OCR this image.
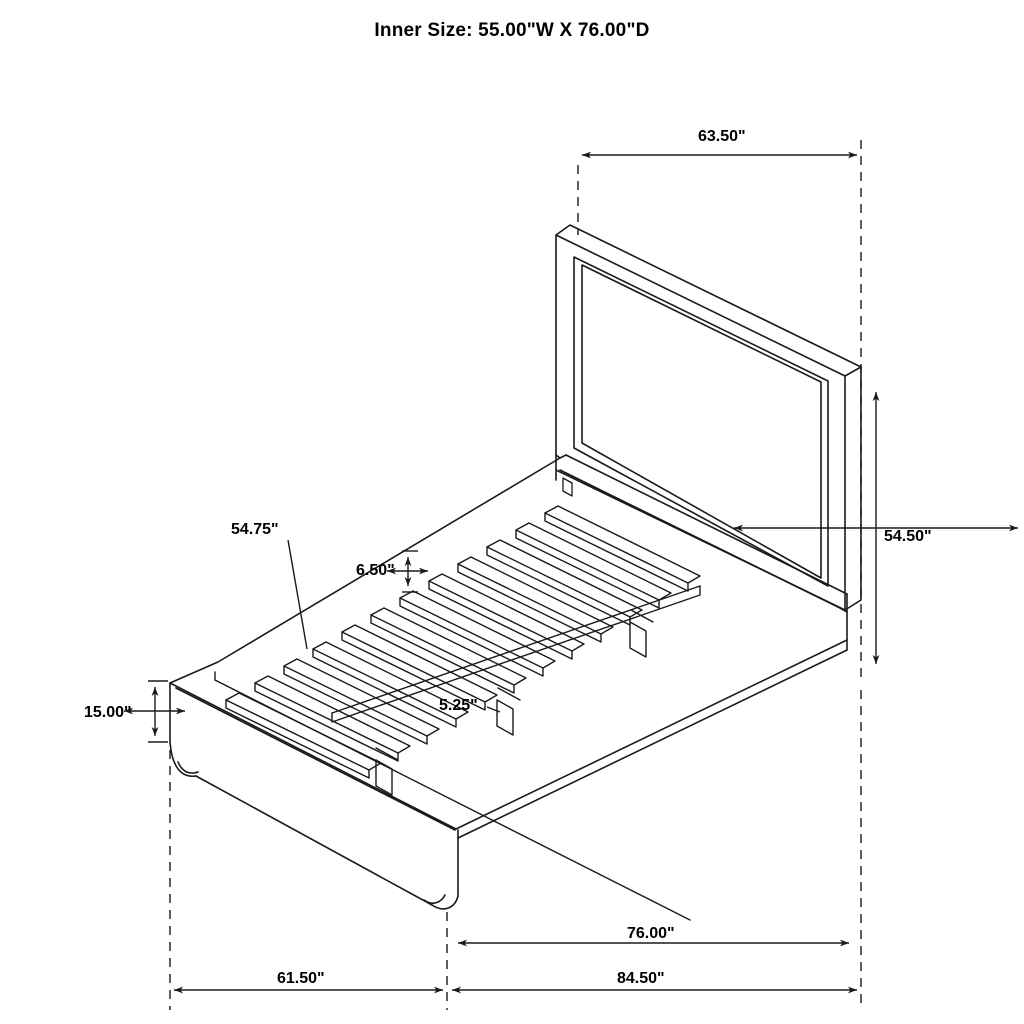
Inner Size: 55.00"W X 76.00"D
63.50"
54.50"
54.75"
6.50"
5.25"
15.00"
61.50"	84.50"
76.00"
